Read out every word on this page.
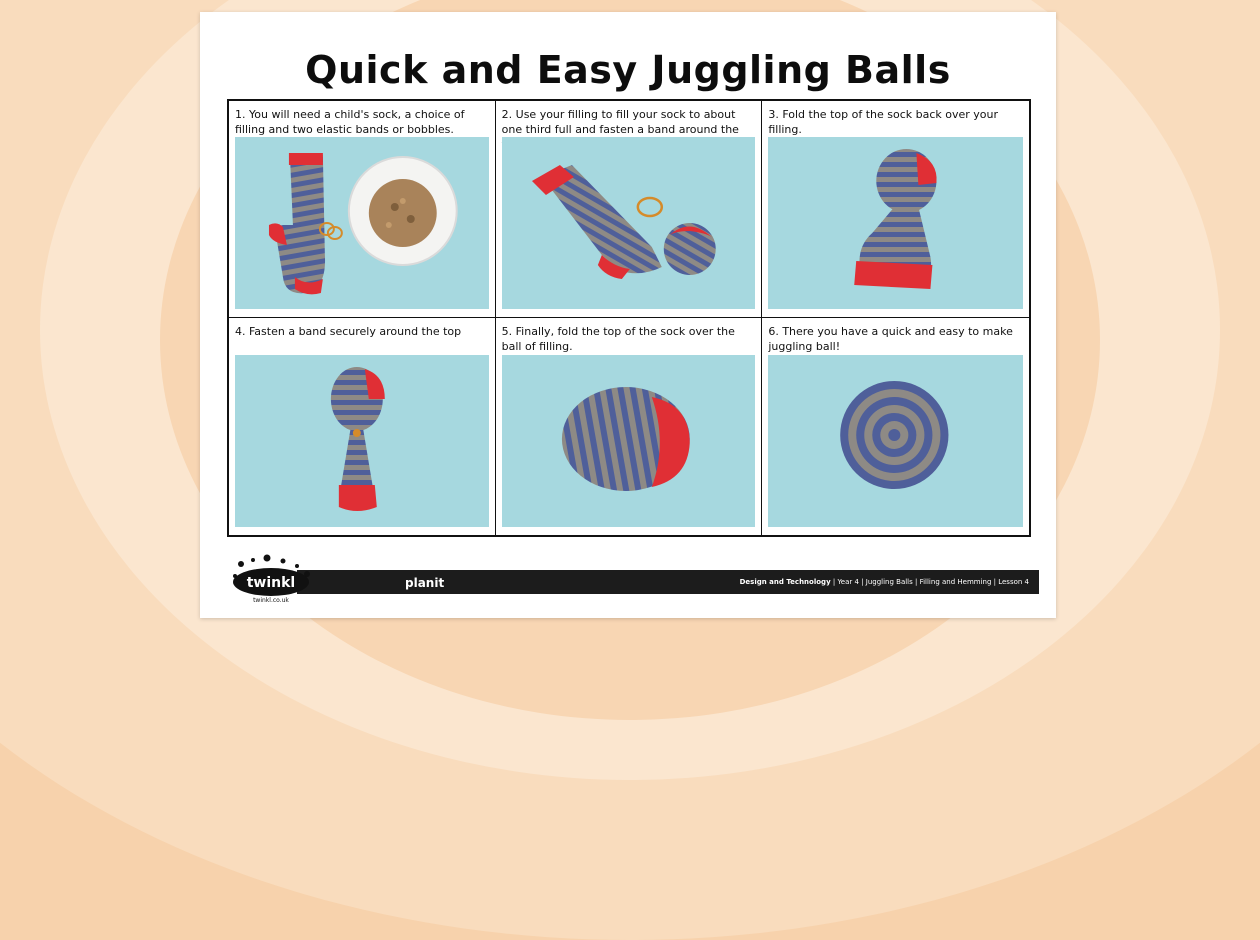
Quick and Easy Juggling Balls
1. You will need a child's sock, a choice of filling and two elastic bands or bobbles.
2. Use your filling to fill your sock to about one third full and fasten a band around the
3. Fold the top of the sock back over your filling.
4. Fasten a band securely around the top	5. Finally, fold the top of the sock over the ball of filling.
6. There you have a quick and easy to make juggling ball!
planit	Design and Technology | Year 4 | Juggling Balls | Filling and Hemming | Lesson 4
twinkl
twinkl.co.uk
